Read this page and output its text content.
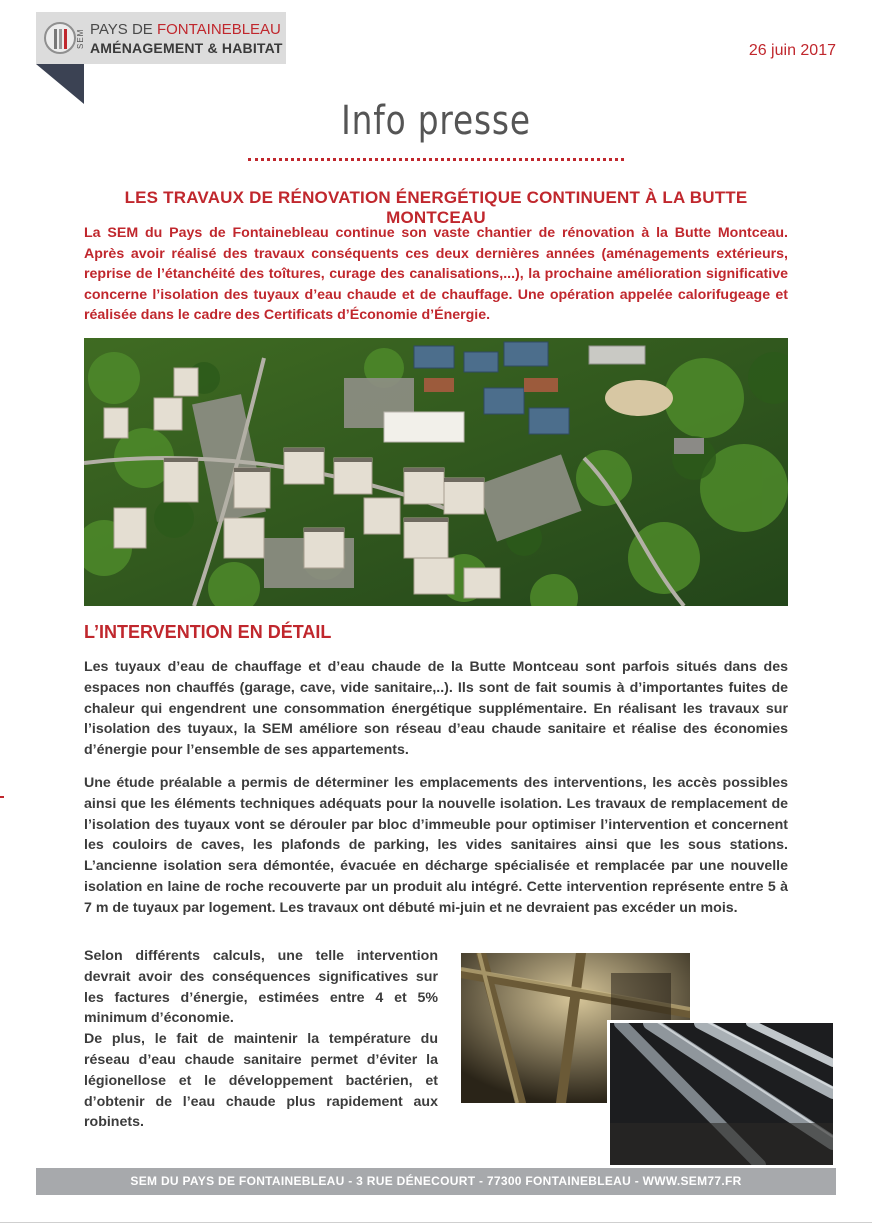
SEM PAYS DE FONTAINEBLEAU
AMÉNAGEMENT & HABITAT	26 juin 2017
Info presse
LES TRAVAUX DE RÉNOVATION ÉNERGÉTIQUE CONTINUENT À LA BUTTE MONTCEAU

La SEM du Pays de Fontainebleau continue son vaste chantier de rénovation à la Butte Montceau. Après avoir réalisé des travaux conséquents ces deux dernières années (aménagements extérieurs, reprise de l’étanchéité des toîtures, curage des canalisations,...), la prochaine amélioration significative concerne l’isolation des tuyaux d’eau chaude et de chauffage. Une opération appelée calorifugeage et réalisée dans le cadre des Certificats d’Économie d’Énergie.

L’INTERVENTION EN DÉTAIL

Les tuyaux d’eau de chauffage et d’eau chaude de la Butte Montceau sont parfois situés dans des espaces non chauffés (garage, cave, vide sanitaire,..). Ils sont de fait soumis à d’importantes fuites de chaleur qui engendrent une consommation énergétique supplémentaire. En réalisant les travaux sur l’isolation des tuyaux, la SEM améliore son réseau d’eau chaude sanitaire et réalise des économies d’énergie pour l’ensemble de ses appartements.

Une étude préalable a permis de déterminer les emplacements des interventions, les accès possibles ainsi que les éléments techniques adéquats pour la nouvelle isolation. Les travaux de remplacement de l’isolation des tuyaux vont se dérouler par bloc d’immeuble pour optimiser l’intervention et concernent les couloirs de caves, les plafonds de parking, les vides sanitaires ainsi que les sous stations. L’ancienne isolation sera démontée, évacuée en décharge spécialisée et remplacée par une nouvelle isolation en laine de roche recouverte par un produit alu intégré. Cette intervention représente entre 5 à 7 m de tuyaux par logement. Les travaux ont débuté mi-juin et ne devraient pas excéder un mois.

Selon différents calculs, une telle intervention devrait avoir des conséquences significatives sur les factures d’énergie, estimées entre 4 et 5% minimum d’économie.

De plus, le fait de maintenir la température du réseau d’eau chaude sanitaire permet d’éviter la légionellose et le développement bactérien, et d’obtenir de l’eau chaude plus rapidement aux robinets.

SEM DU PAYS DE FONTAINEBLEAU - 3 RUE DÉNECOURT - 77300 FONTAINEBLEAU - WWW.SEM77.FR
